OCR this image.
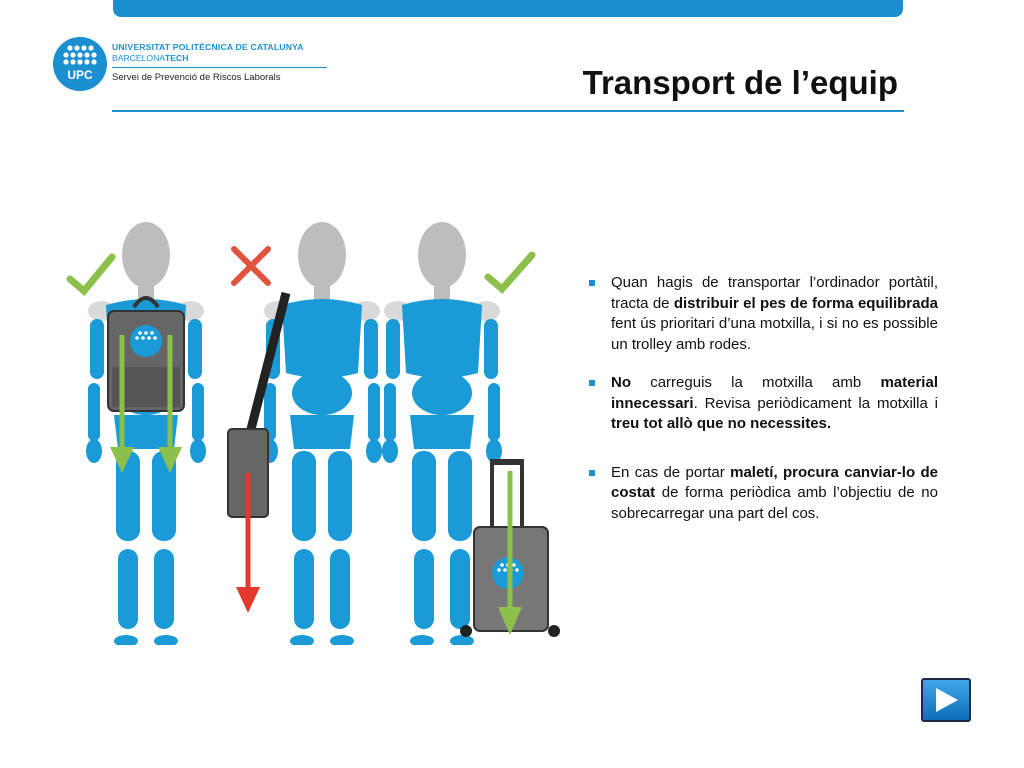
UPC
UNIVERSITAT POLITÈCNICA DE CATALUNYA
BARCELONATECH
Servei de Prevenció de Riscos Laborals	Transport de l’equip
Quan hagis de transportar l’ordinador portàtil, tracta de distribuir el pes de forma equilibrada fent ús prioritari d’una motxilla, i si no es possible un trolley amb rodes.
No carreguis la motxilla amb material innecessari. Revisa periòdicament la motxilla i treu tot allò que no necessites.
En cas de portar maletí, procura canviar-lo de costat de forma periòdica amb l’objectiu de no sobrecarregar una part del cos.
